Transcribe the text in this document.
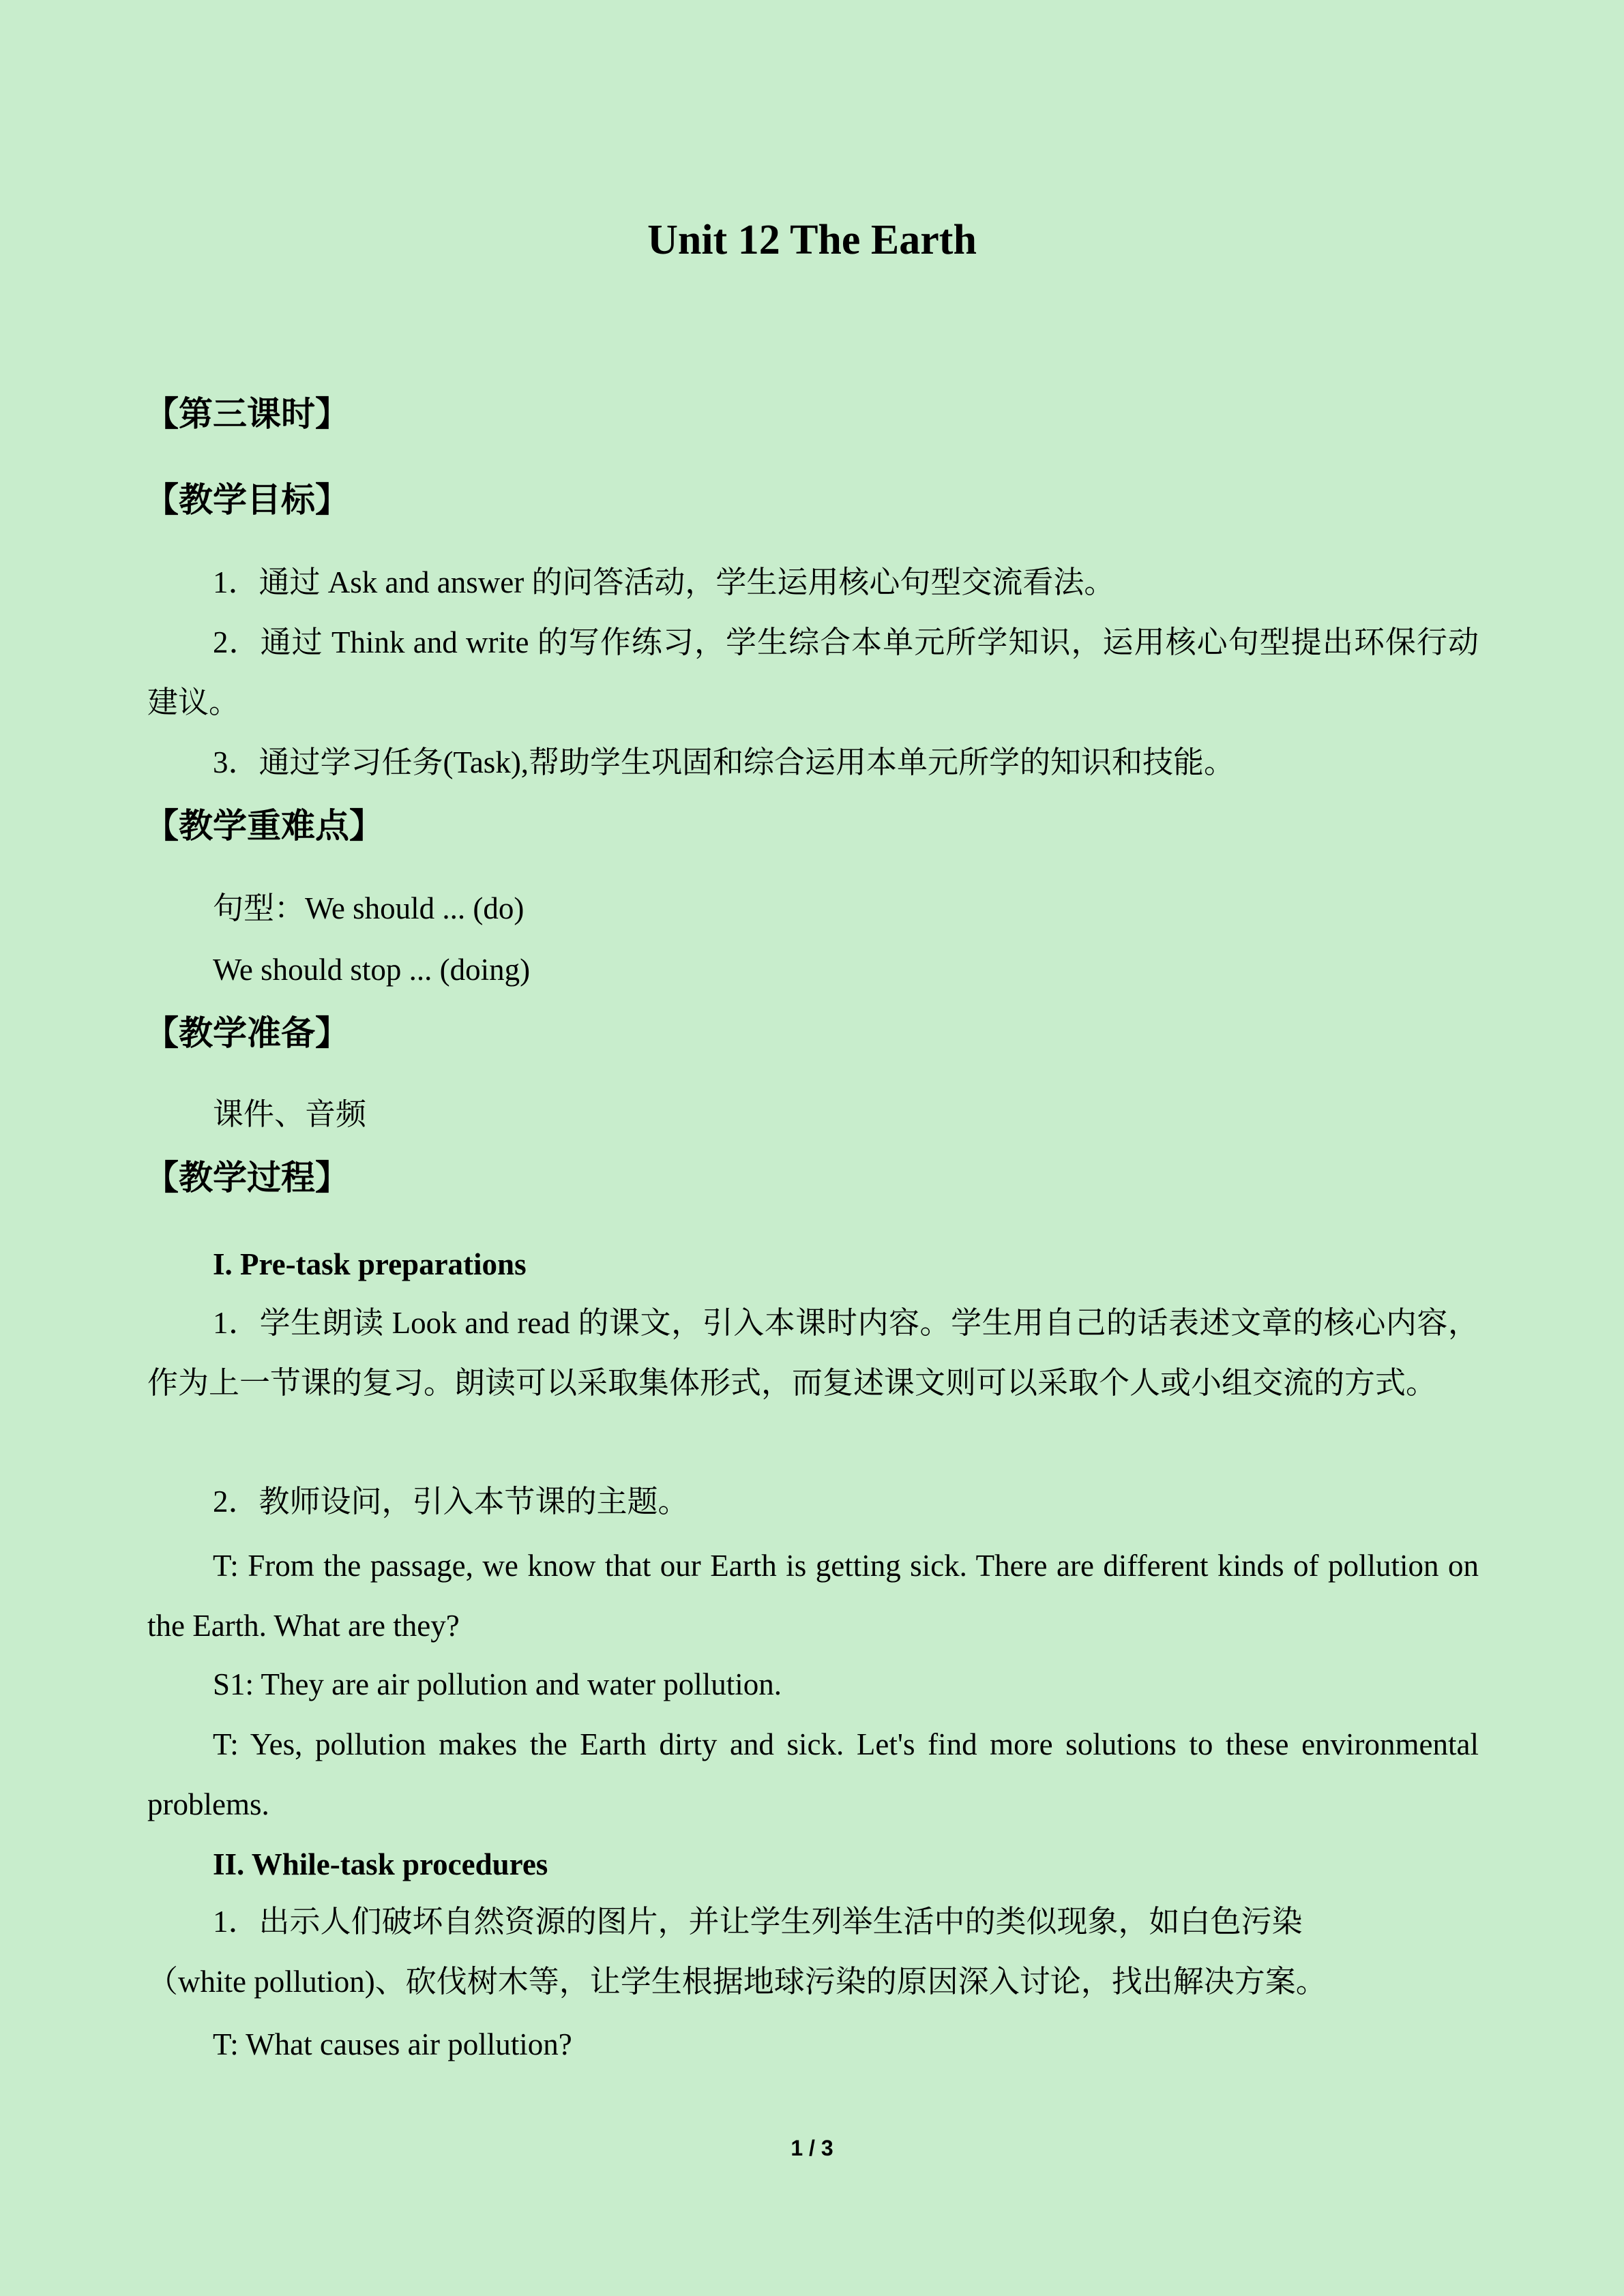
Unit 12 The Earth
【第三课时】
【教学目标】
1．通过 Ask and answer 的问答活动，学生运用核心句型交流看法。
2．通过 Think and write 的写作练习，学生综合本单元所学知识，运用核心句型提出环保行动建议。
3．通过学习任务(Task),帮助学生巩固和综合运用本单元所学的知识和技能。
【教学重难点】
句型：We should ... (do)
We should stop ... (doing)
【教学准备】
课件、音频
【教学过程】
I. Pre-task preparations
1．学生朗读 Look and read 的课文，引入本课时内容。学生用自己的话表述文章的核心内容，作为上一节课的复习。朗读可以采取集体形式，而复述课文则可以采取个人或小组交流的方式。
2．教师设问，引入本节课的主题。
T: From the passage, we know that our Earth is getting sick. There are different kinds of pollution on the Earth. What are they?
S1: They are air pollution and water pollution.
T: Yes, pollution makes the Earth dirty and sick. Let's find more solutions to these environmental problems.
II. While-task procedures
1．出示人们破坏自然资源的图片，并让学生列举生活中的类似现象，如白色污染
（white pollution)、砍伐树木等，让学生根据地球污染的原因深入讨论，找出解决方案。
T: What causes air pollution?
1 / 3
